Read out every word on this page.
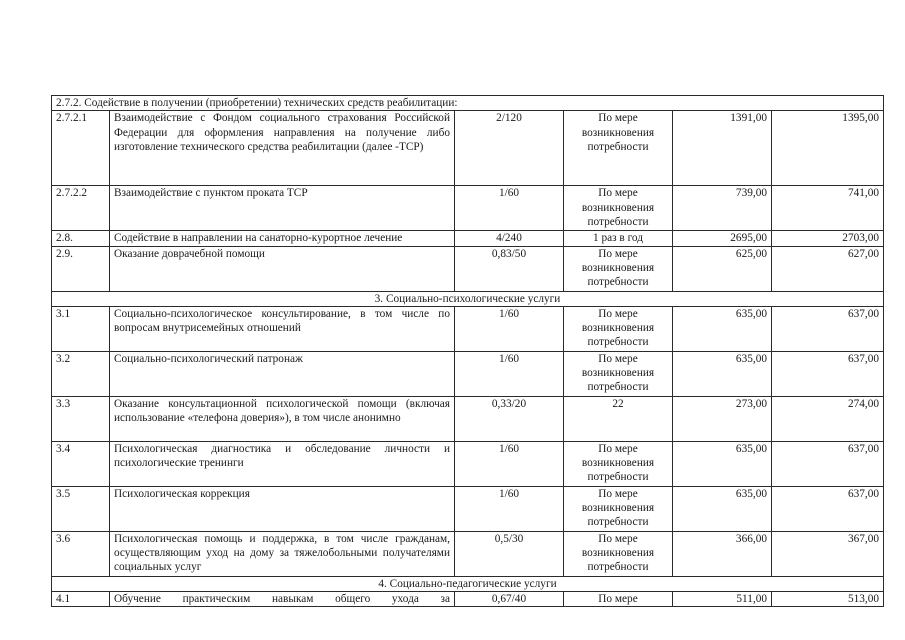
2.7.2. Содействие в получении (приобретении) технических средств реабилитации:					
2.7.2.1	Взаимодействие с Фондом социального страхования Российской Федерации для оформления направления на получение либо изготовление технического средства реабилитации (далее -ТСР)	2/120	По мере возникновения потребности	1391,00	1395,00
2.7.2.2	Взаимодействие с пунктом проката ТСР	1/60	По мере возникновения потребности	739,00	741,00
2.8.	Содействие в направлении на санаторно-курортное лечение	4/240	1 раз в год	2695,00	2703,00
2.9.	Оказание доврачебной помощи	0,83/50	По мере возникновения потребности	625,00	627,00
3. Социально-психологические услуги					
3.1	Социально-психологическое консультирование, в том числе по вопросам внутрисемейных отношений	1/60	По мере возникновения потребности	635,00	637,00
3.2	Социально-психологический патронаж	1/60	По мере возникновения потребности	635,00	637,00
3.3	Оказание консультационной психологической помощи (включая использование «телефона доверия»), в том числе анонимно	0,33/20	22	273,00	274,00
3.4	Психологическая диагностика и обследование личности и психологические тренинги	1/60	По мере возникновения потребности	635,00	637,00
3.5	Психологическая коррекция	1/60	По мере возникновения потребности	635,00	637,00
3.6	Психологическая помощь и поддержка, в том числе гражданам, осуществляющим уход на дому за тяжелобольными получателями социальных услуг	0,5/30	По мере возникновения потребности	366,00	367,00
4. Социально-педагогические услуги					
4.1	Обучение практическим навыкам общего ухода за	0,67/40	По мере	511,00	513,00
